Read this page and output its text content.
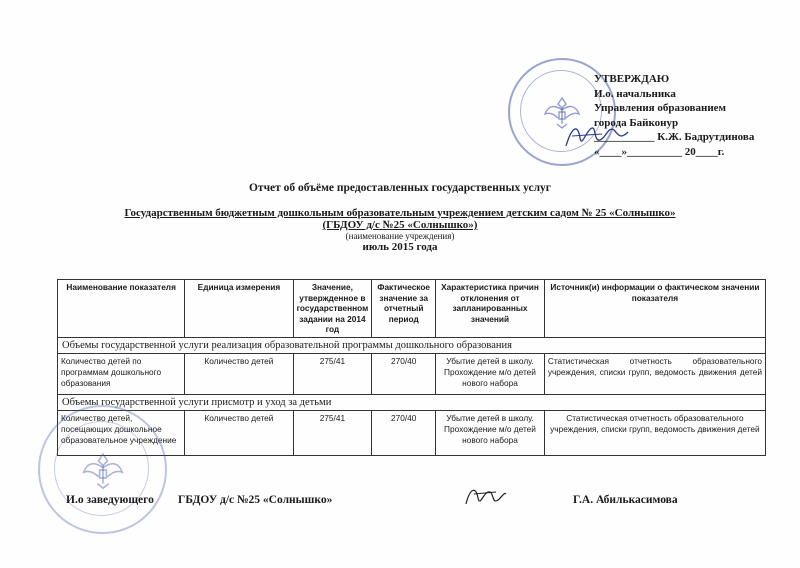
УТВЕРЖДАЮ
И.о. начальника
Управления образованием
города Байконур
___________ К.Ж. Бадрутдинова
«____»__________ 20____г.
Отчет об объёме предоставленных государственных услуг
Государственным бюджетным дошкольным образовательным учреждением детским садом № 25 «Солнышко»
(ГБДОУ д/с №25 «Солнышко»)
(наименование учреждения)
июль 2015 года
Наименование показателя	Единица измерения	Значение, утвержденное в государственном задании на 2014 год	Фактическое значение за отчетный период	Характеристика причин отклонения от запланированных значений	Источник(и) информации о фактическом значении показателя
Объемы государственной услуги реализация образовательной программы дошкольного образования					
Количество детей по программам дошкольного образования	Количество детей	275/41	270/40	Убытие детей в школу. Прохождение м/о детей нового набора	Статистическая отчетность образовательного учреждения, списки групп, ведомость движения детей
Объемы государственной услуги присмотр и уход за детьми					
Количество детей, посещающих дошкольное образовательное учреждение	Количество детей	275/41	270/40	Убытие детей в школу. Прохождение м/о детей нового набора	Статистическая отчетность образовательного учреждения, списки групп, ведомость движения детей
И.о заведующего ГБДОУ д/с №25 «Солнышко»	Г.А. Абилькасимова
